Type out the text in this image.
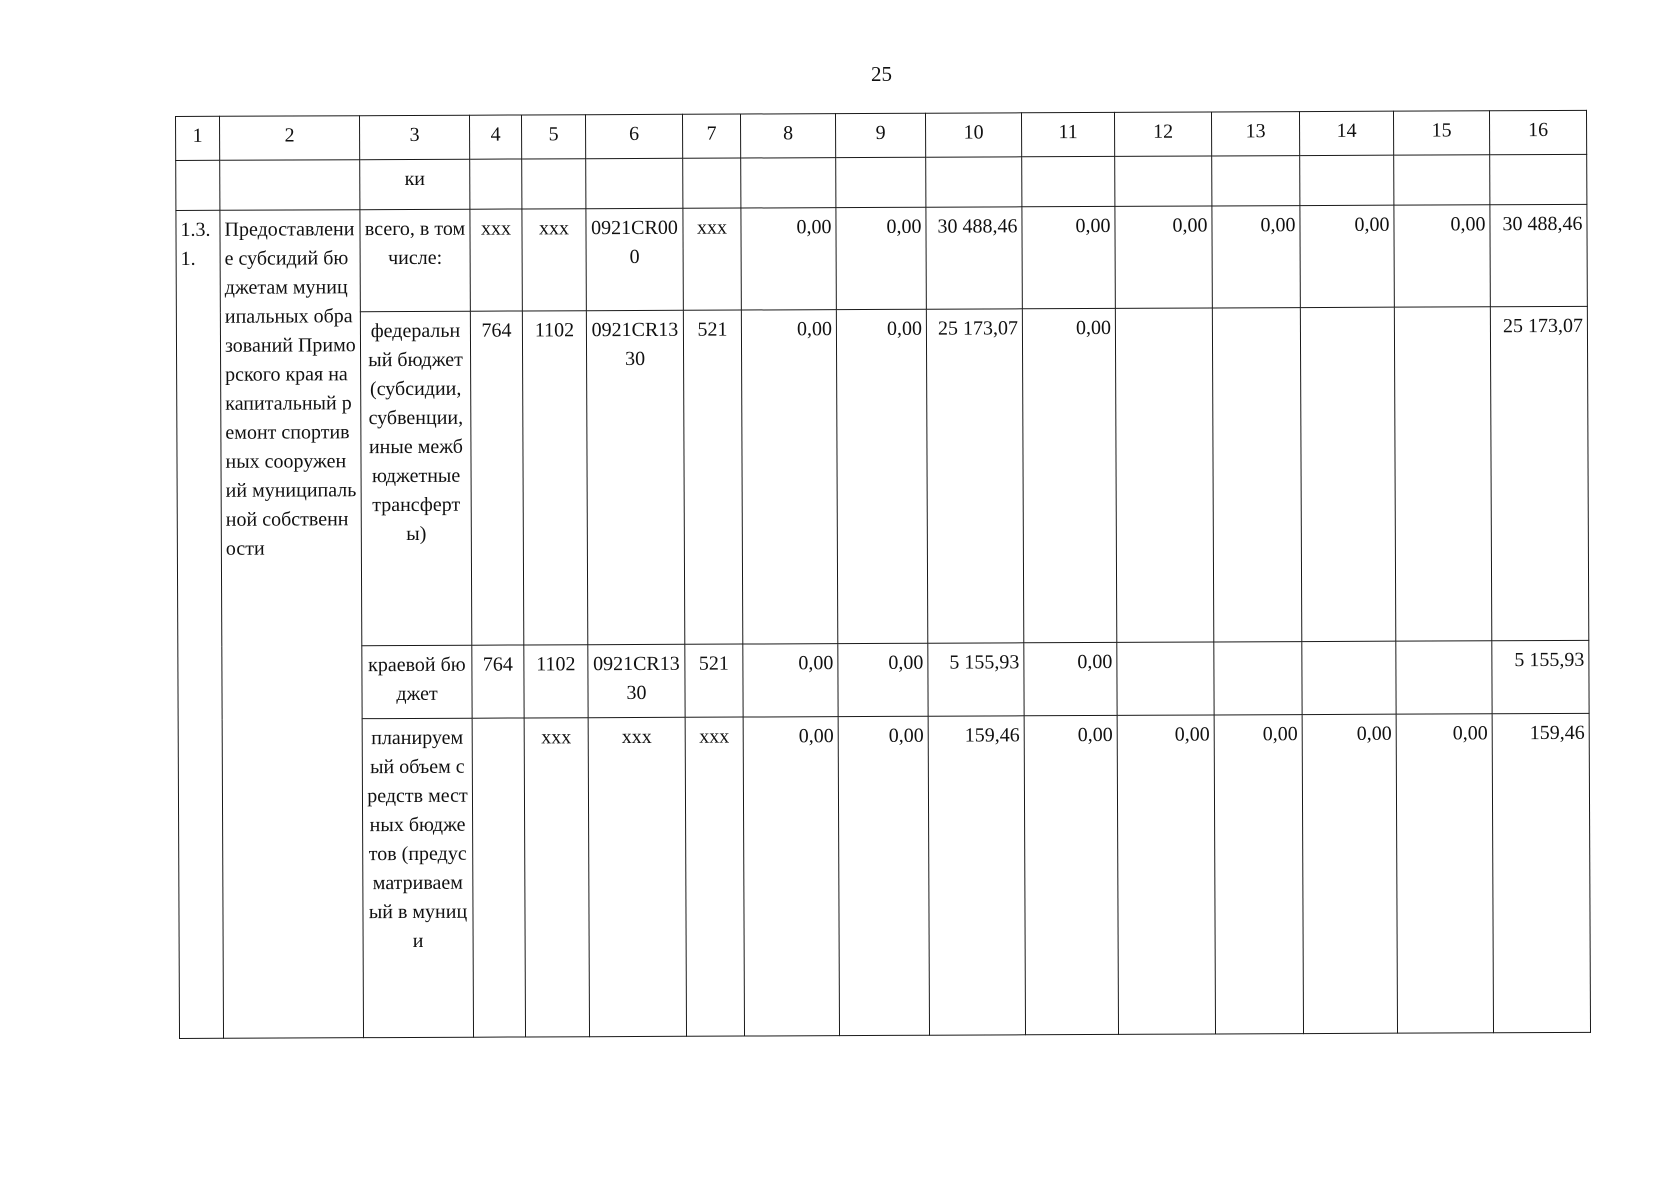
25
1	2	3	4	5	6	7	8	9	10	11	12	13	14	15	16
		ки													
1.3.1.	Предоставление субсидий бюджетам муниципальных образований Приморского края на капитальный ремонт спортивных сооружений муниципальной собственности	всего, в том числе:	xxx	xxx	0921CR000	xxx	0,00	0,00	30 488,46	0,00	0,00	0,00	0,00	0,00	30 488,46
		федеральный бюджет (субсидии, субвенции, иные межбюджетные трансферты)	764	1102	0921CR1330	521	0,00	0,00	25 173,07	0,00					25 173,07
		краевой бюджет	764	1102	0921CR1330	521	0,00	0,00	5 155,93	0,00					5 155,93
		планируемый объем средств местных бюджетов (предусматриваемый в муници		xxx	xxx	xxx	0,00	0,00	159,46	0,00	0,00	0,00	0,00	0,00	159,46
